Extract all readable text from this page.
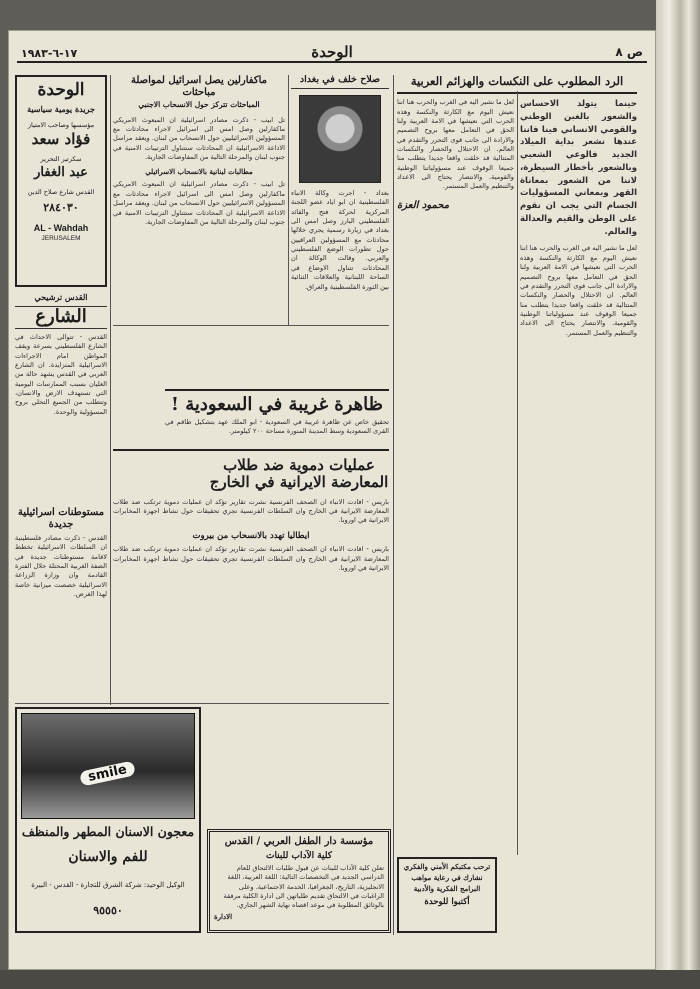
١٧-٦-١٩٨٣	الوحدة	ص ٨
الوحدة
جريدة يومية سياسية
مؤسسها وصاحب الامتياز
فؤاد سعد
سكرتير التحرير
عبد الغفار
القدس شارع صلاح الدين
٢٨٤٠٣٠
AL - Wahdah
JERUSALEM
القدس ترشيحي
الشارع
القدس - تتوالى الاحداث في الشارع الفلسطيني بسرعة ويقف المواطن امام الاجراءات الاسرائيلية المتزايدة. ان الشارع العربي في القدس يشهد حالة من الغليان بسبب الممارسات اليومية التي تستهدف الارض والانسان، وتتطلب من الجميع التحلي بروح المسؤولية والوحدة.
مستوطنات اسرائيلية جديدة
القدس - ذكرت مصادر فلسطينية ان السلطات الاسرائيلية تخطط لاقامة مستوطنات جديدة في الضفة الغربية المحتلة خلال الفترة القادمة وان وزارة الزراعة الاسرائيلية خصصت ميزانية خاصة لهذا الغرض.
smile
معجون الاسنان المطهر والمنظف
للفم والاسنان
الوكيل الوحيد: شركة الشرق للتجارة - القدس - البيرة
٩٥٥٥٠
ماكفارلين يصل اسرائيل لمواصلة مباحثات
المباحثات تتركز حول الانسحاب الاجنبي
تل ابيب - ذكرت مصادر اسرائيلية ان المبعوث الامريكي ماكفارلين وصل امس الى اسرائيل لاجراء محادثات مع المسؤولين الاسرائيليين حول الانسحاب من لبنان. ويعقد مراسل الاذاعة الاسرائيلية ان المحادثات ستتناول الترتيبات الامنية في جنوب لبنان والمرحلة التالية من المفاوضات الجارية.
مطالبات لبنانية بالانسحاب الاسرائيلي
تل ابيب - ذكرت مصادر اسرائيلية ان المبعوث الامريكي ماكفارلين وصل امس الى اسرائيل لاجراء محادثات مع المسؤولين الاسرائيليين حول الانسحاب من لبنان. ويعقد مراسل الاذاعة الاسرائيلية ان المحادثات ستتناول الترتيبات الامنية في جنوب لبنان والمرحلة التالية من المفاوضات الجارية.
صلاح خلف في بغداد
بغداد - اجرت وكالة الانباء الفلسطينية ان ابو اياد عضو اللجنة المركزية لحركة فتح والقائد الفلسطيني البارز وصل امس الى بغداد في زيارة رسمية يجري خلالها محادثات مع المسؤولين العراقيين حول تطورات الوضع الفلسطيني والعربي. وقالت الوكالة ان المحادثات تتناول الاوضاع في الساحة اللبنانية والعلاقات الثنائية بين الثورة الفلسطينية والعراق.
ظاهرة غريبة في السعودية !
تحقيق خاص عن ظاهرة غريبة في السعودية - ابو الملك عهد بتشكيل طاقم في القرى السعودية وسط المدينة المنورة مساحة ٢٠٠ كيلومتر.
عمليات دموية ضد طلاب المعارضة الايرانية في الخارج
باريس - افادت الانباء ان الصحف الفرنسية نشرت تقارير تؤكد ان عمليات دموية ترتكب ضد طلاب المعارضة الايرانية في الخارج وان السلطات الفرنسية تجري تحقيقات حول نشاط اجهزة المخابرات الايرانية في اوروبا.
ايطاليا تهدد بالانسحاب من بيروت
باريس - افادت الانباء ان الصحف الفرنسية نشرت تقارير تؤكد ان عمليات دموية ترتكب ضد طلاب المعارضة الايرانية في الخارج وان السلطات الفرنسية تجري تحقيقات حول نشاط اجهزة المخابرات الايرانية في اوروبا.
مؤسسة دار الطفل العربي / القدس
كلية الآداب للبنات
تعلن كلية الآداب للبنات عن قبول طلبات الالتحاق للعام الدراسي الجديد في التخصصات التالية: اللغة العربية، اللغة الانجليزية، التاريخ، الجغرافيا، الخدمة الاجتماعية. وعلى الراغبات في الالتحاق تقديم طلباتهن الى ادارة الكلية مرفقة بالوثائق المطلوبة في موعد اقصاه نهاية الشهر الجاري.
الادارة
ترحب مكتبكم الأمني والفكري
نشارك في رعاية مواهب
البرامج الفكرية والأدبية
أكتبوا للوحدة
الرد المطلوب على النكسات والهزائم العربية
حينما يتولد الاحساس والشعور بالغبن الوطني والقومي الانساني فينا فاننا عندها نشعر بداية الميلاد الجديد فالوعي الشعبي وبالشعور بأخطار السيطرة، لاننا من الشعور بمعاناة القهر وبمعاني المسؤوليات الجسام التي يجب ان نقوم على الوطن والقيم والعدالة والعالم.
لعل ما نشير اليه في الغرب والحرب هنا اننا نعيش اليوم مع الكارثة والنكسة وهذه الحرب التي نعيشها في الامة العربية ولنا الحق في التعامل معها بروح التصميم والارادة الى جانب قوى التحرر والتقدم في العالم. ان الاحتلال والحصار والنكسات المتتالية قد خلقت واقعا جديدا يتطلب منا جميعا الوقوف عند مسؤولياتنا الوطنية والقومية. والانتصار يحتاج الى الاعداد والتنظيم والعمل المستمر.
لعل ما نشير اليه في الغرب والحرب هنا اننا نعيش اليوم مع الكارثة والنكسة وهذه الحرب التي نعيشها في الامة العربية ولنا الحق في التعامل معها بروح التصميم والارادة الى جانب قوى التحرر والتقدم في العالم. ان الاحتلال والحصار والنكسات المتتالية قد خلقت واقعا جديدا يتطلب منا جميعا الوقوف عند مسؤولياتنا الوطنية والقومية. والانتصار يحتاج الى الاعداد والتنظيم والعمل المستمر.
محمود العزة
